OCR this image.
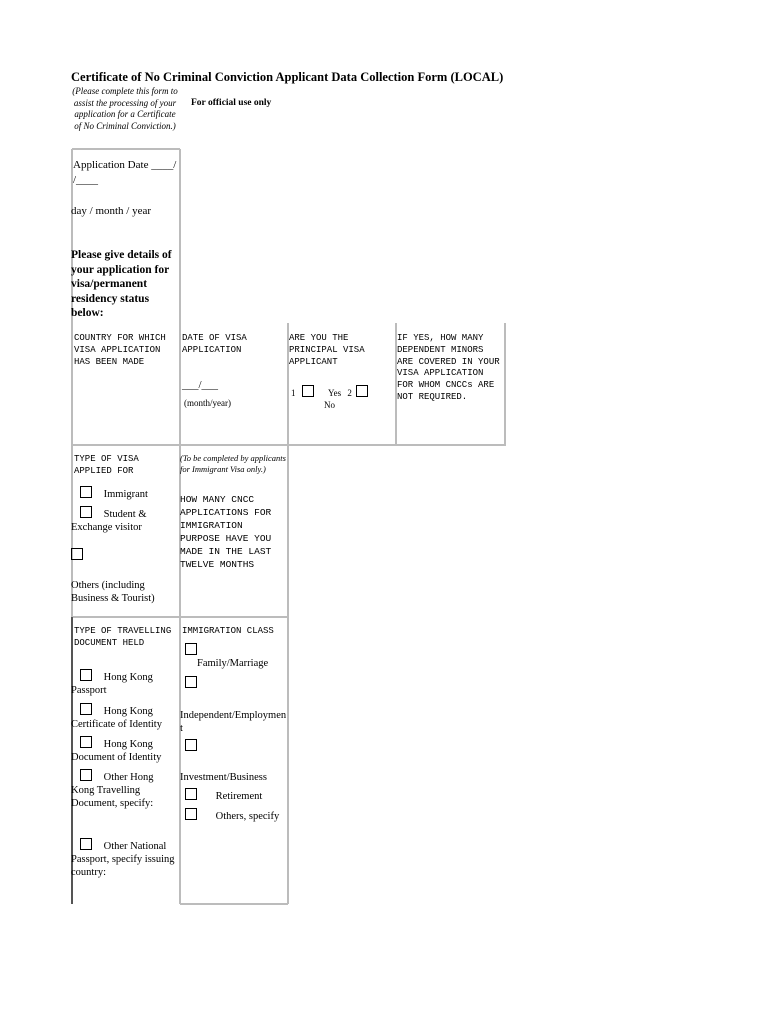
Certificate of No Criminal Conviction Applicant Data Collection Form (LOCAL)
(Please complete this form to assist the processing of your application for a Certificate of No Criminal Conviction.)
For official use only
Application Date ____/
/____
day / month / year
Please give details of your application for visa/permanent residency status below:
COUNTRY FOR WHICH VISA APPLICATION HAS BEEN MADE
DATE OF VISA APPLICATION
___/___
(month/year)
ARE YOU THE PRINCIPAL VISA APPLICANT
1	Yes 2
No
IF YES, HOW MANY DEPENDENT MINORS ARE COVERED IN YOUR VISA APPLICATION FOR WHOM CNCCs ARE NOT REQUIRED.
TYPE OF VISA APPLIED FOR
Immigrant
Student & Exchange visitor
Others (including Business & Tourist)
(To be completed by applicants for Immigrant Visa only.)
HOW MANY CNCC APPLICATIONS FOR IMMIGRATION PURPOSE HAVE YOU MADE IN THE LAST TWELVE MONTHS
TYPE OF TRAVELLING DOCUMENT HELD
Hong Kong Passport
Hong Kong Certificate of Identity
Hong Kong Document of Identity
Other Hong Kong Travelling Document, specify:
Other National Passport, specify issuing country:
IMMIGRATION CLASS
Family/Marriage
Independent/Employment
Investment/Business
Retirement
Others, specify
